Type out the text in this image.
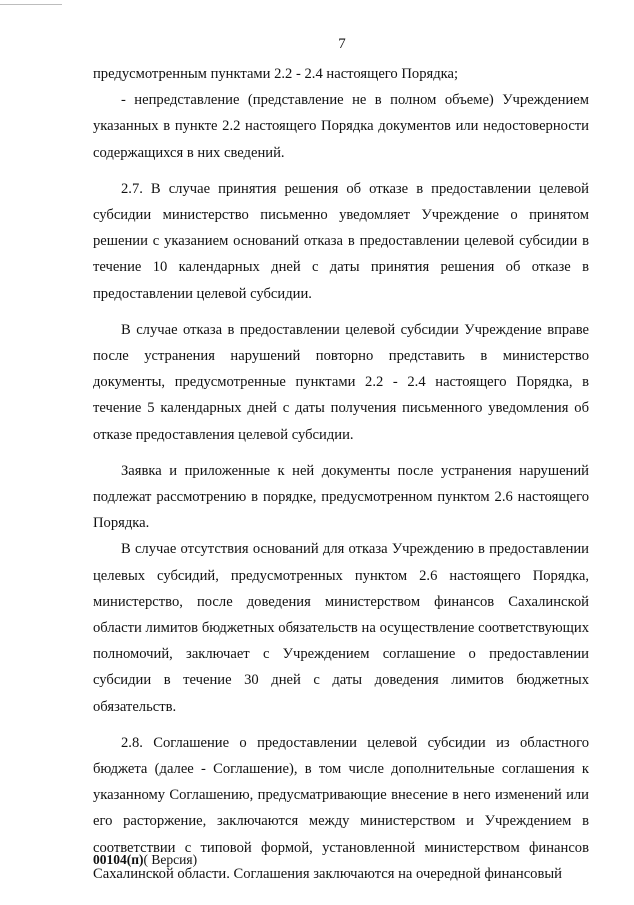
7

предусмотренным пунктами 2.2 - 2.4 настоящего Порядка;

- непредставление (представление не в полном объеме) Учреждением указанных в пункте 2.2 настоящего Порядка документов или недостоверности содержащихся в них сведений.

2.7. В случае принятия решения об отказе в предоставлении целевой субсидии министерство письменно уведомляет Учреждение о принятом решении с указанием оснований отказа в предоставлении целевой субсидии в течение 10 календарных дней с даты принятия решения об отказе в предоставлении целевой субсидии.

В случае отказа в предоставлении целевой субсидии Учреждение вправе после устранения нарушений повторно представить в министерство документы, предусмотренные пунктами 2.2 - 2.4 настоящего Порядка, в течение 5 календарных дней с даты получения письменного уведомления об отказе предоставления целевой субсидии.

Заявка и приложенные к ней документы после устранения нарушений подлежат рассмотрению в порядке, предусмотренном пунктом 2.6 настоящего Порядка.

В случае отсутствия оснований для отказа Учреждению в предоставлении целевых субсидий, предусмотренных пунктом 2.6 настоящего Порядка, министерство, после доведения министерством финансов Сахалинской области лимитов бюджетных обязательств на осуществление соответствующих полномочий, заключает с Учреждением соглашение о предоставлении субсидии в течение 30 дней с даты доведения лимитов бюджетных обязательств.

2.8. Соглашение о предоставлении целевой субсидии из областного бюджета (далее - Соглашение), в том числе дополнительные соглашения к указанному Соглашению, предусматривающие внесение в него изменений или его расторжение, заключаются между министерством и Учреждением в соответствии с типовой формой, установленной министерством финансов Сахалинской области. Соглашения заключаются на очередной финансовый

00104(п)( Версия)
